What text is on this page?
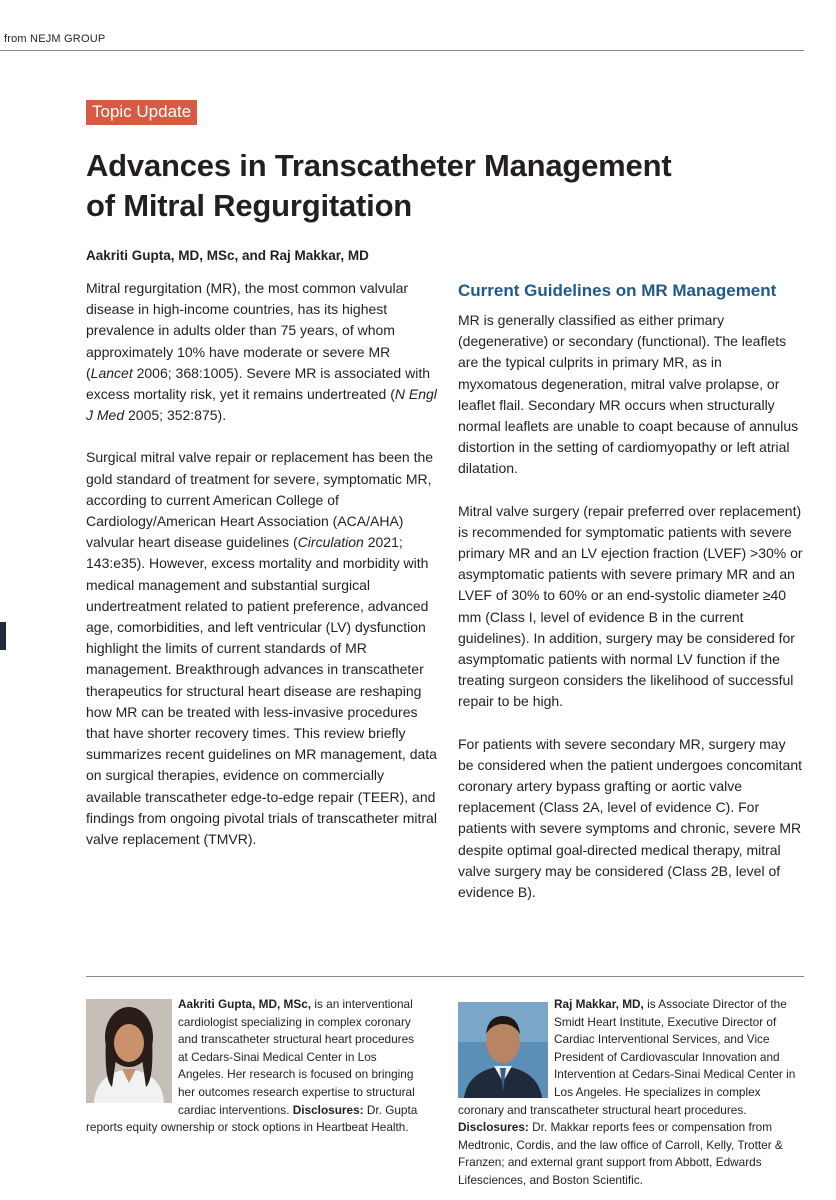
from NEJM GROUP
Topic Update
Advances in Transcatheter Management
of Mitral Regurgitation
Aakriti Gupta, MD, MSc, and Raj Makkar, MD

Mitral regurgitation (MR), the most common valvular disease in high-income countries, has its highest prevalence in adults older than 75 years, of whom approximately 10% have moderate or severe MR (Lancet 2006; 368:1005). Severe MR is associated with excess mortality risk, yet it remains undertreated (N Engl J Med 2005; 352:875).

Surgical mitral valve repair or replacement has been the gold standard of treatment for severe, symptomatic MR, according to current American College of Cardiology/American Heart Association (ACA/AHA) valvular heart disease guidelines (Circulation 2021; 143:e35). However, excess mortality and morbidity with medical management and substantial surgical undertreatment related to patient preference, advanced age, comorbidities, and left ventricular (LV) dysfunction highlight the limits of current standards of MR management. Breakthrough advances in transcatheter therapeutics for structural heart disease are reshaping how MR can be treated with less-invasive procedures that have shorter recovery times. This review briefly summarizes recent guidelines on MR management, data on surgical therapies, evidence on commercially available transcatheter edge-to-edge repair (TEER), and findings from ongoing pivotal trials of transcatheter mitral valve replacement (TMVR).

Current Guidelines on MR Management

MR is generally classified as either primary (degenerative) or secondary (functional). The leaflets are the typical culprits in primary MR, as in myxomatous degeneration, mitral valve prolapse, or leaflet flail. Secondary MR occurs when structurally normal leaflets are unable to coapt because of annulus distortion in the setting of cardiomyopathy or left atrial dilatation.

Mitral valve surgery (repair preferred over replacement) is recommended for symptomatic patients with severe primary MR and an LV ejection fraction (LVEF) >30% or asymptomatic patients with severe primary MR and an LVEF of 30% to 60% or an end-systolic diameter ≥40 mm (Class I, level of evidence B in the current guidelines). In addition, surgery may be considered for asymptomatic patients with normal LV function if the treating surgeon considers the likelihood of successful repair to be high.

For patients with severe secondary MR, surgery may be considered when the patient undergoes concomitant coronary artery bypass grafting or aortic valve replacement (Class 2A, level of evidence C). For patients with severe symptoms and chronic, severe MR despite optimal goal-directed medical therapy, mitral valve surgery may be considered (Class 2B, level of evidence B).

Aakriti Gupta, MD, MSc, is an interventional cardiologist specializing in complex coronary and transcatheter structural heart procedures at Cedars-Sinai Medical Center in Los Angeles. Her research is focused on bringing her outcomes research expertise to structural cardiac interventions. Disclosures: Dr. Gupta reports equity ownership or stock options in Heartbeat Health.
Raj Makkar, MD, is Associate Director of the Smidt Heart Institute, Executive Director of Cardiac Interventional Services, and Vice President of Cardiovascular Innovation and Intervention at Cedars-Sinai Medical Center in Los Angeles. He specializes in complex coronary and transcatheter structural heart procedures. Disclosures: Dr. Makkar reports fees or compensation from Medtronic, Cordis, and the law office of Carroll, Kelly, Trotter & Franzen; and external grant support from Abbott, Edwards Lifesciences, and Boston Scientific.
